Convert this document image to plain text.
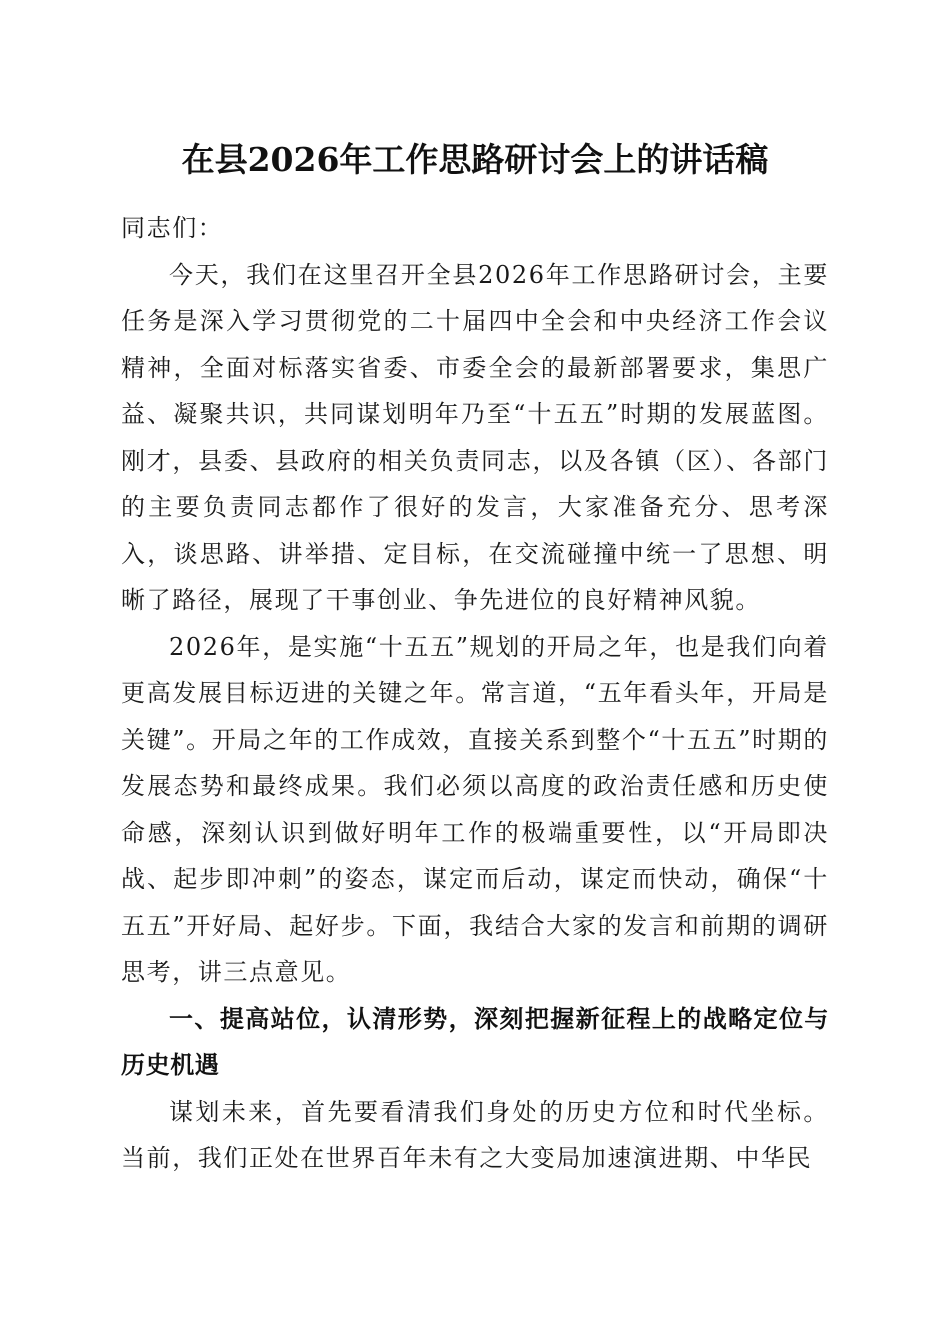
在县2026年工作思路研讨会上的讲话稿

同志们：

今天，我们在这里召开全县2026年工作思路研讨会，主要任务是深入学习贯彻党的二十届四中全会和中央经济工作会议精神，全面对标落实省委、市委全会的最新部署要求，集思广益、凝聚共识，共同谋划明年乃至“十五五”时期的发展蓝图。刚才，县委、县政府的相关负责同志，以及各镇（区）、各部门的主要负责同志都作了很好的发言，大家准备充分、思考深入，谈思路、讲举措、定目标，在交流碰撞中统一了思想、明晰了路径，展现了干事创业、争先进位的良好精神风貌。

2026年，是实施“十五五”规划的开局之年，也是我们向着更高发展目标迈进的关键之年。常言道，“五年看头年，开局是关键”。开局之年的工作成效，直接关系到整个“十五五”时期的发展态势和最终成果。我们必须以高度的政治责任感和历史使命感，深刻认识到做好明年工作的极端重要性，以“开局即决战、起步即冲刺”的姿态，谋定而后动，谋定而快动，确保“十五五”开好局、起好步。下面，我结合大家的发言和前期的调研思考，讲三点意见。

一、提高站位，认清形势，深刻把握新征程上的战略定位与历史机遇

谋划未来，首先要看清我们身处的历史方位和时代坐标。当前，我们正处在世界百年未有之大变局加速演进期、中华民
